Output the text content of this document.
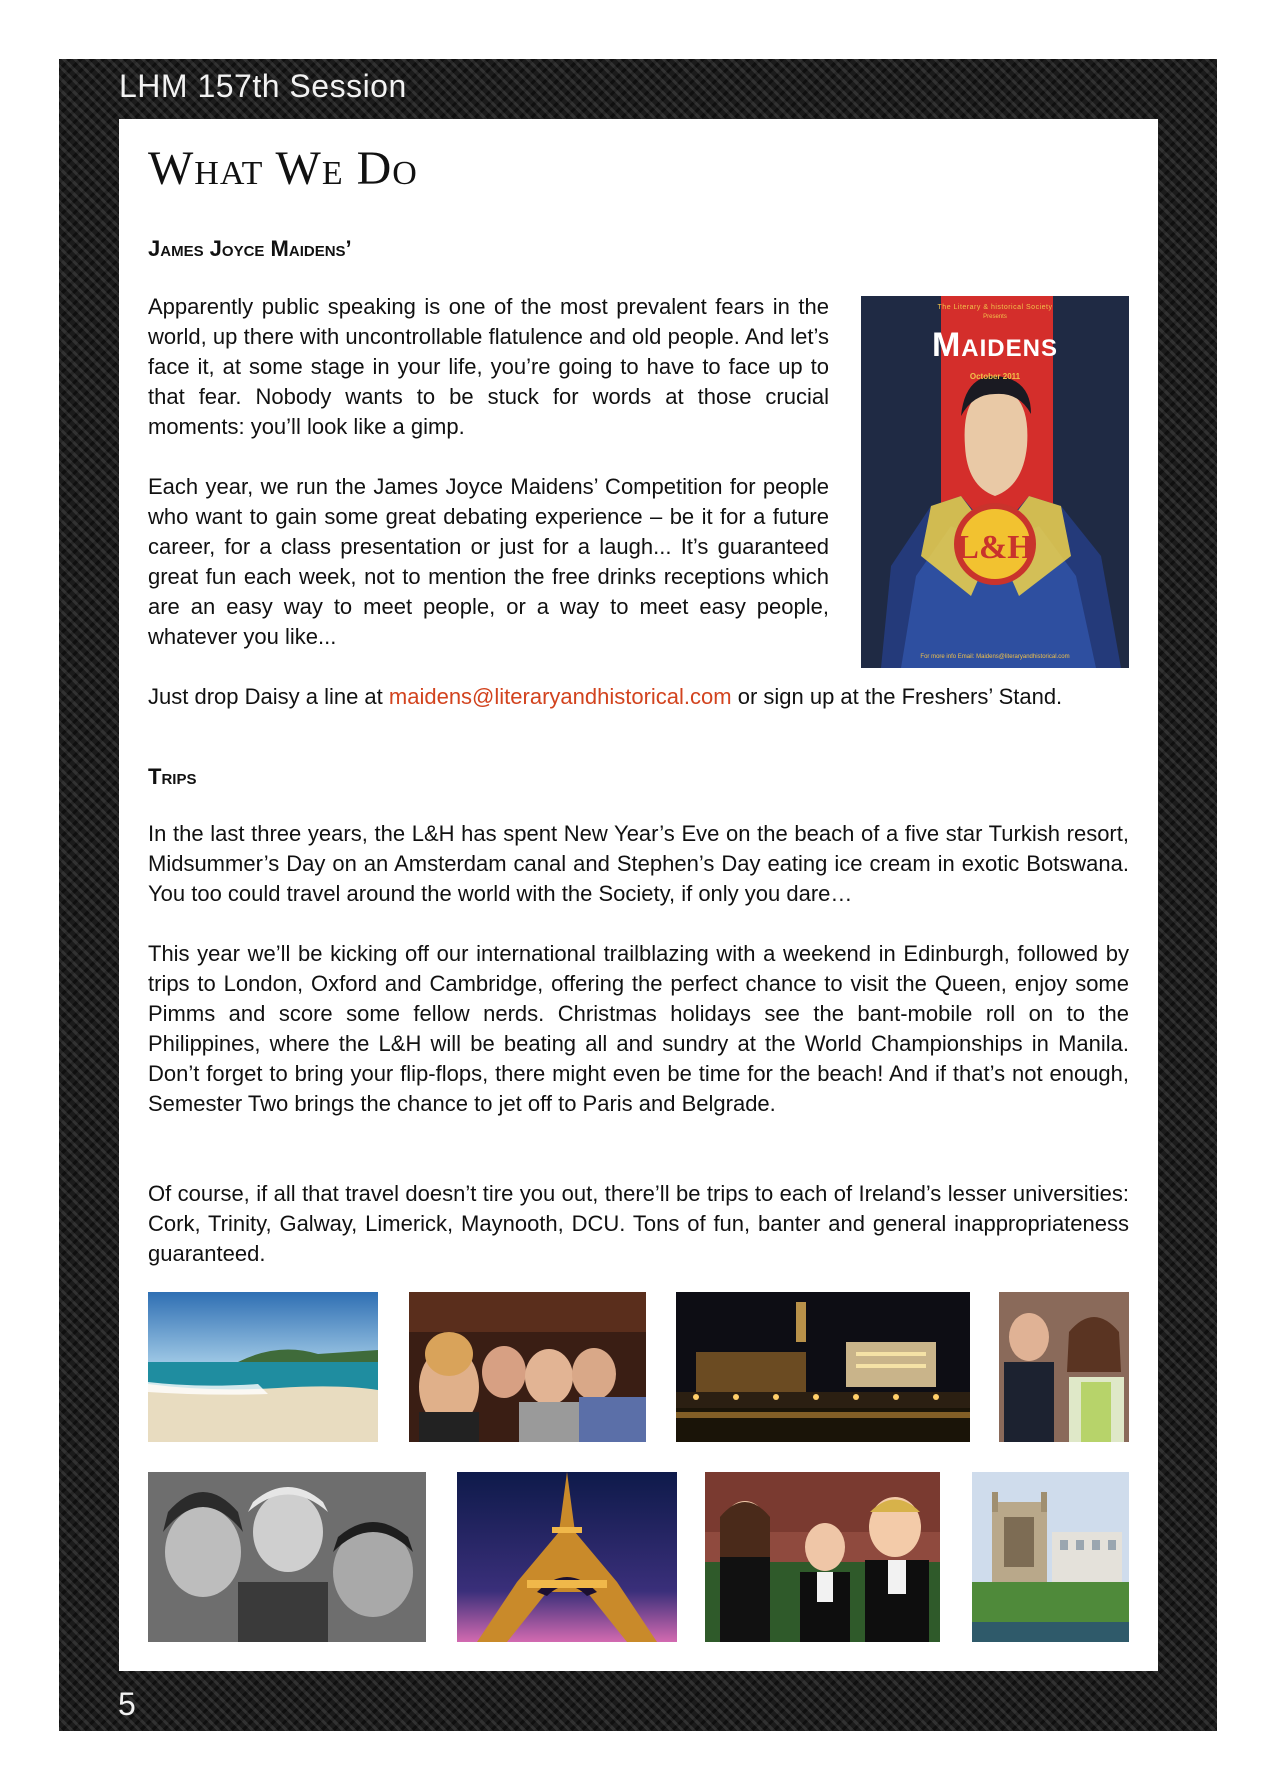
LHM 157th Session
5
What We Do
James Joyce Maidens’

Apparently public speaking is one of the most prevalent fears in the world, up there with uncontrollable flatulence and old people. And let’s face it, at some stage in your life, you’re going to have to face up to that fear. Nobody wants to be stuck for words at those crucial moments: you’ll look like a gimp.

Each year, we run the James Joyce Maidens’ Competition for people who want to gain some great debating experience – be it for a future career, for a class presentation or just for a laugh... It’s guaranteed great fun each week, not to mention the free drinks receptions which are an easy way to meet people, or a way to meet easy people, whatever you like...

Just drop Daisy a line at maidens@literaryandhistorical.com or sign up at the Freshers’ Stand.

L&H
The Literary & historical Society
Presents
Maidens
October 2011
For more info Email: Maidens@literaryandhistorical.com
Trips

In the last three years, the L&H has spent New Year’s Eve on the beach of a five star Turkish resort, Midsummer’s Day on an Amsterdam canal and Stephen’s Day eating ice cream in exotic Botswana. You too could travel around the world with the Society, if only you dare…

This year we’ll be kicking off our international trailblazing with a weekend in Edinburgh, followed by trips to London, Oxford and Cambridge, offering the perfect chance to visit the Queen, enjoy some Pimms and score some fellow nerds. Christmas holidays see the bant-mobile roll on to the Philippines, where the L&H will be beating all and sundry at the World Championships in Manila. Don’t forget to bring your flip-flops, there might even be time for the beach! And if that’s not enough, Semester Two brings the chance to jet off to Paris and Belgrade.

Of course, if all that travel doesn’t tire you out, there’ll be trips to each of Ireland’s lesser universities: Cork, Trinity, Galway, Limerick, Maynooth, DCU. Tons of fun, banter and general inappropriateness guaranteed.
